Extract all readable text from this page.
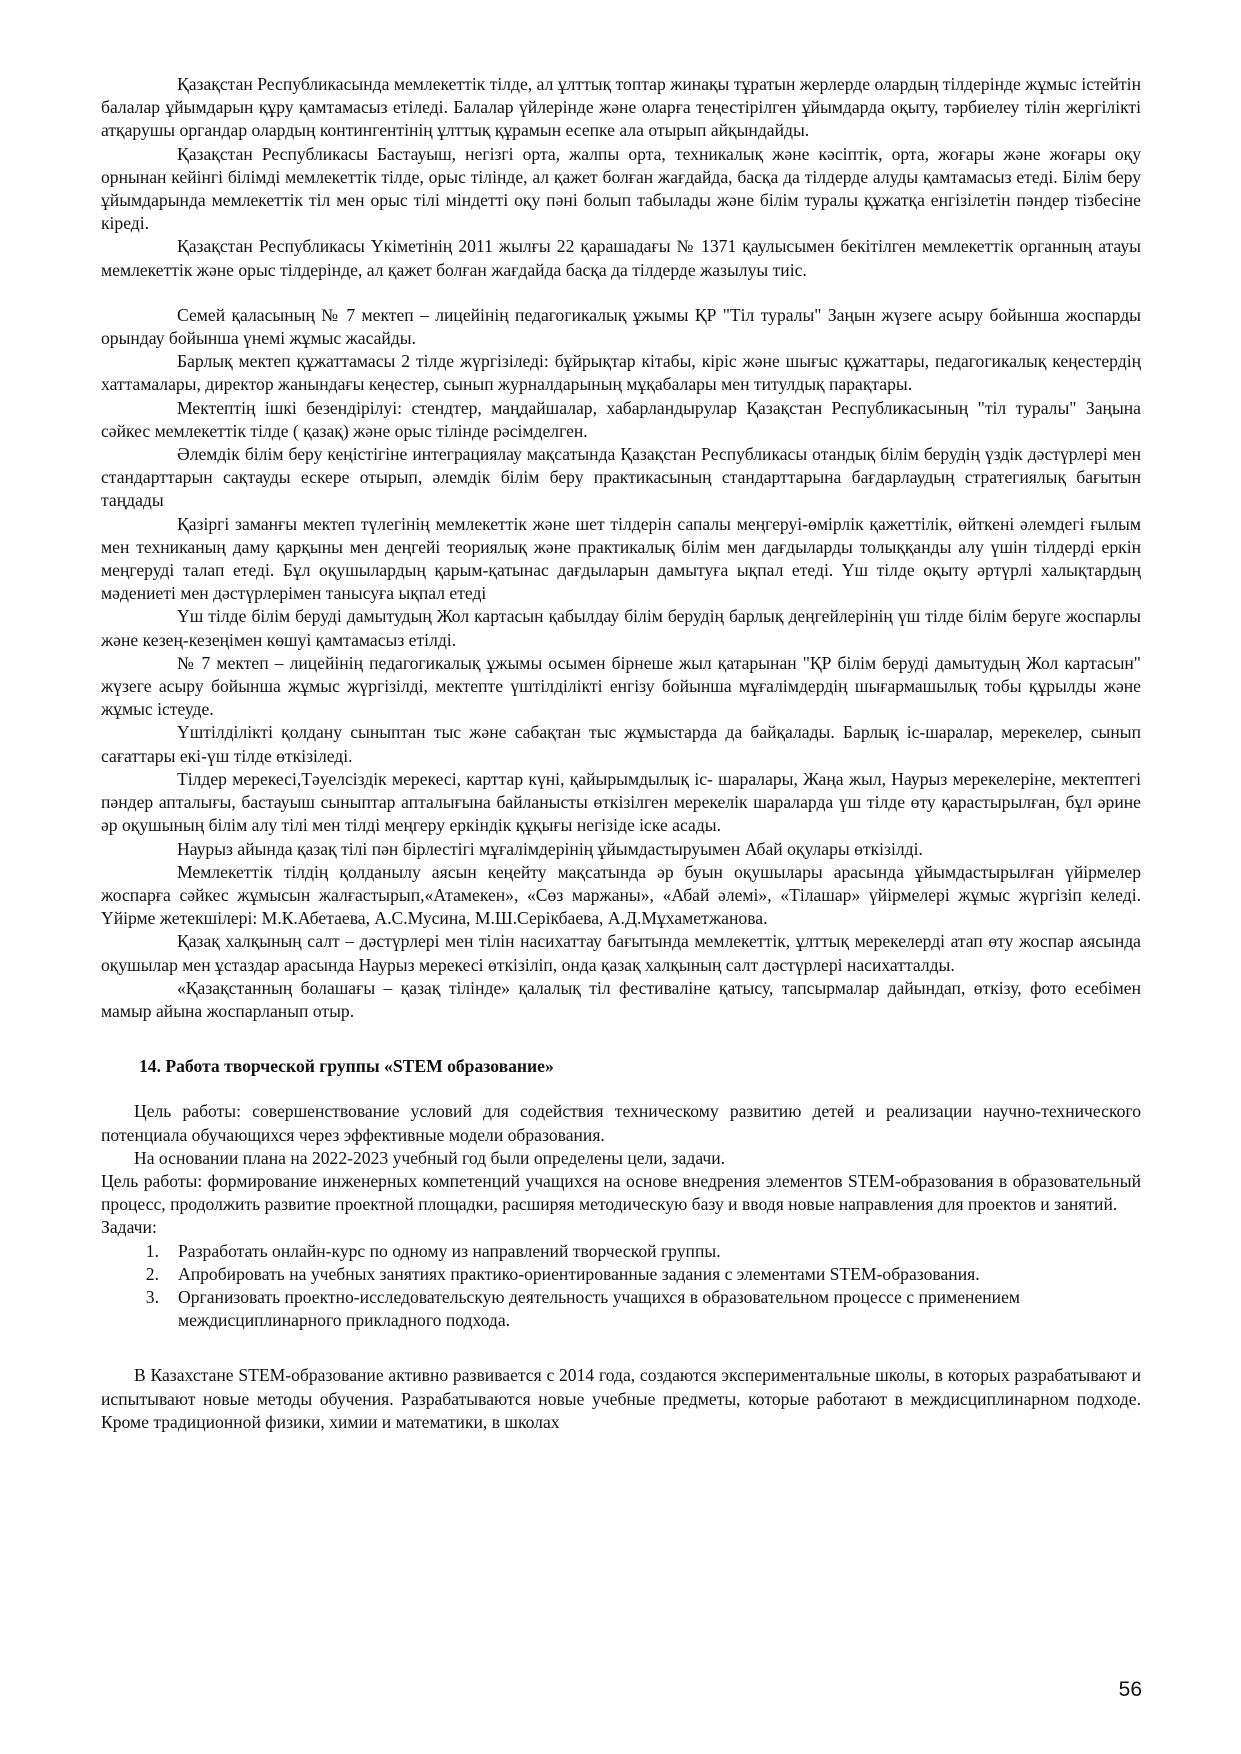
Қазақстан Республикасында мемлекеттік тілде, ал ұлттық топтар жинақы тұратын жерлерде олардың тілдерінде жұмыс істейтін балалар ұйымдарын құру қамтамасыз етіледі. Балалар үйлерінде және оларға теңестірілген ұйымдарда оқыту, тәрбиелеу тілін жергілікті атқарушы органдар олардың контингентінің ұлттық құрамын есепке ала отырып айқындайды.

Қазақстан Республикасы Бастауыш, негізгі орта, жалпы орта, техникалық және кәсіптік, орта, жоғары және жоғары оқу орнынан кейінгі білімді мемлекеттік тілде, орыс тілінде, ал қажет болған жағдайда, басқа да тілдерде алуды қамтамасыз етеді. Білім беру ұйымдарында мемлекеттік тіл мен орыс тілі міндетті оқу пәні болып табылады және білім туралы құжатқа енгізілетін пәндер тізбесіне кіреді.

Қазақстан Республикасы Үкіметінің 2011 жылғы 22 қарашадағы № 1371 қаулысымен бекітілген мемлекеттік органның атауы мемлекеттік және орыс тілдерінде, ал қажет болған жағдайда басқа да тілдерде жазылуы тиіс.

Семей қаласының № 7 мектеп – лицейінің педагогикалық ұжымы ҚР "Тіл туралы" Заңын жүзеге асыру бойынша жоспарды орындау бойынша үнемі жұмыс жасайды.

Барлық мектеп құжаттамасы 2 тілде жүргізіледі: бұйрықтар кітабы, кіріс және шығыс құжаттары, педагогикалық кеңестердің хаттамалары, директор жанындағы кеңестер, сынып журналдарының мұқабалары мен титулдық парақтары.

Мектептің ішкі безендірілуі: стендтер, маңдайшалар, хабарландырулар Қазақстан Республикасының "тіл туралы" Заңына сәйкес мемлекеттік тілде ( қазақ) және орыс тілінде рәсімделген.

Әлемдік білім беру кеңістігіне интеграциялау мақсатында Қазақстан Республикасы отандық білім берудің үздік дәстүрлері мен стандарттарын сақтауды ескере отырып, әлемдік білім беру практикасының стандарттарына бағдарлаудың стратегиялық бағытын таңдады

Қазіргі заманғы мектеп түлегінің мемлекеттік және шет тілдерін сапалы меңгеруі-өмірлік қажеттілік, өйткені әлемдегі ғылым мен техниканың даму қарқыны мен деңгейі теориялық және практикалық білім мен дағдыларды толыққанды алу үшін тілдерді еркін меңгеруді талап етеді. Бұл оқушылардың қарым-қатынас дағдыларын дамытуға ықпал етеді. Үш тілде оқыту әртүрлі халықтардың мәдениеті мен дәстүрлерімен танысуға ықпал етеді

Үш тілде білім беруді дамытудың Жол картасын қабылдау білім берудің барлық деңгейлерінің үш тілде білім беруге жоспарлы және кезең-кезеңімен көшуі қамтамасыз етілді.

№ 7 мектеп – лицейінің педагогикалық ұжымы осымен бірнеше жыл қатарынан "ҚР білім беруді дамытудың Жол картасын" жүзеге асыру бойынша жұмыс жүргізілді, мектепте үштілділікті енгізу бойынша мұғалімдердің шығармашылық тобы құрылды және жұмыс істеуде.

Үштілділікті қолдану сыныптан тыс және сабақтан тыс жұмыстарда да байқалады. Барлық іс-шаралар, мерекелер, сынып сағаттары екі-үш тілде өткізіледі.

Тілдер мерекесі,Тәуелсіздік мерекесі, карттар күні, қайырымдылық іс- шаралары, Жаңа жыл, Наурыз мерекелеріне, мектептегі пәндер апталығы, бастауыш сыныптар апталығына байланысты өткізілген мерекелік шараларда үш тілде өту қарастырылған, бұл әрине әр оқушының білім алу тілі мен тілді меңгеру еркіндік құқығы негізіде іске асады.

Наурыз айында қазақ тілі пән бірлестігі мұғалімдерінің ұйымдастыруымен Абай оқулары өткізілді.

Мемлекеттік тілдің қолданылу аясын кеңейту мақсатында әр буын оқушылары арасында ұйымдастырылған үйірмелер жоспарға сәйкес жұмысын жалғастырып,«Атамекен», «Сөз маржаны», «Абай әлемі», «Тілашар» үйірмелері жұмыс жүргізіп келеді. Үйірме жетекшілері: М.К.Абетаева, А.С.Мусина, М.Ш.Серікбаева, А.Д.Мұхаметжанова.

Қазақ халқының салт – дәстүрлері мен тілін насихаттау бағытында мемлекеттік, ұлттық мерекелерді атап өту жоспар аясында оқушылар мен ұстаздар арасында Наурыз мерекесі өткізіліп, онда қазақ халқының салт дәстүрлері насихатталды.

«Қазақстанның болашағы – қазақ тілінде» қалалық тіл фестиваліне қатысу, тапсырмалар дайындап, өткізу, фото есебімен мамыр айына жоспарланып отыр.

14. Работа творческой группы «STEM образование»

Цель работы: совершенствование условий для содействия техническому развитию детей и реализации научно-технического потенциала обучающихся через эффективные модели образования.

На основании плана на 2022-2023 учебный год были определены цели, задачи.

Цель работы: формирование инженерных компетенций учащихся на основе внедрения элементов STEM-образования в образовательный процесс, продолжить развитие проектной площадки, расширяя методическую базу и вводя новые направления для проектов и занятий.

Задачи:

1.	Разработать онлайн-курс по одному из направлений творческой группы.
2.	Апробировать на учебных занятиях практико-ориентированные задания с элементами STEM-образования.
3.	Организовать проектно-исследовательскую деятельность учащихся в образовательном процессе с применением междисциплинарного прикладного подхода.

В Казахстане STEM-образование активно развивается с 2014 года, создаются экспериментальные школы, в которых разрабатывают и испытывают новые методы обучения. Разрабатываются новые учебные предметы, которые работают в междисциплинарном подходе. Кроме традиционной физики, химии и математики, в школах

56
